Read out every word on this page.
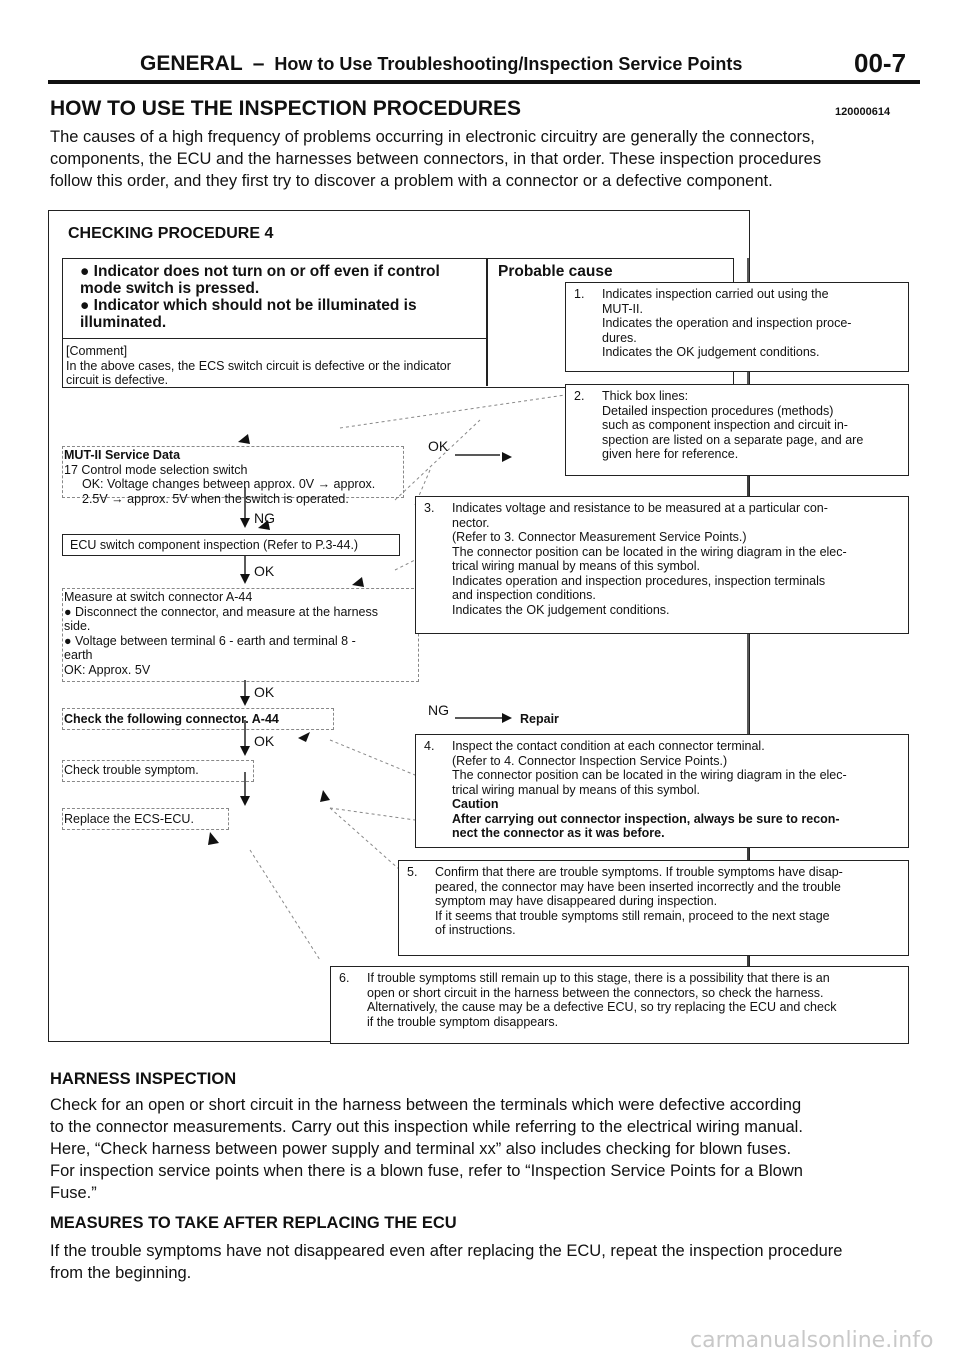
GENERAL – How to Use Troubleshooting/Inspection Service Points	00-7
HOW TO USE THE INSPECTION PROCEDURES	120000614
The causes of a high frequency of problems occurring in electronic circuitry are generally the connectors,
components, the ECU and the harnesses between connectors, in that order. These inspection procedures
follow this order, and they first try to discover a problem with a connector or a defective component.
CHECKING PROCEDURE 4
● Indicator does not turn on or off even if control
mode switch is pressed.
● Indicator which should not be illuminated is
illuminated.
Probable cause
[Comment]
In the above cases, the ECS switch circuit is defective or the indicator
circuit is defective.
MUT-II Service Data
17 Control mode selection switch
OK: Voltage changes between approx. 0V → approx.
2.5V → approx. 5V when the switch is operated.
OK
NG
ECU switch component inspection (Refer to P.3-44.)
OK
Measure at switch connector A-44
● Disconnect the connector, and measure at the harness
side.
● Voltage between terminal 6 - earth and terminal 8 -
earth
OK: Approx. 5V
OK
Check the following connector. A-44
NG
Repair
OK
Check trouble symptom.
Replace the ECS-ECU.
1. Indicates inspection carried out using the
MUT-II.
Indicates the operation and inspection proce-
dures.
Indicates the OK judgement conditions.
2. Thick box lines:
Detailed inspection procedures (methods)
such as component inspection and circuit in-
spection are listed on a separate page, and are
given here for reference.
3. Indicates voltage and resistance to be measured at a particular con-
nector.
(Refer to 3. Connector Measurement Service Points.)
The connector position can be located in the wiring diagram in the elec-
trical wiring manual by means of this symbol.
Indicates operation and inspection procedures, inspection terminals
and inspection conditions.
Indicates the OK judgement conditions.
4. Inspect the contact condition at each connector terminal.
(Refer to 4. Connector Inspection Service Points.)
The connector position can be located in the wiring diagram in the elec-
trical wiring manual by means of this symbol.
Caution
After carrying out connector inspection, always be sure to recon-
nect the connector as it was before.
5. Confirm that there are trouble symptoms. If trouble symptoms have disap-
peared, the connector may have been inserted incorrectly and the trouble
symptom may have disappeared during inspection.
If it seems that trouble symptoms still remain, proceed to the next stage
of instructions.
6. If trouble symptoms still remain up to this stage, there is a possibility that there is an
open or short circuit in the harness between the connectors, so check the harness.
Alternatively, the cause may be a defective ECU, so try replacing the ECU and check
if the trouble symptom disappears.
HARNESS INSPECTION
Check for an open or short circuit in the harness between the terminals which were defective according
to the connector measurements. Carry out this inspection while referring to the electrical wiring manual.
Here, “Check harness between power supply and terminal xx” also includes checking for blown fuses.
For inspection service points when there is a blown fuse, refer to “Inspection Service Points for a Blown
Fuse.”
MEASURES TO TAKE AFTER REPLACING THE ECU
If the trouble symptoms have not disappeared even after replacing the ECU, repeat the inspection procedure
from the beginning.
carmanualsonline.info
